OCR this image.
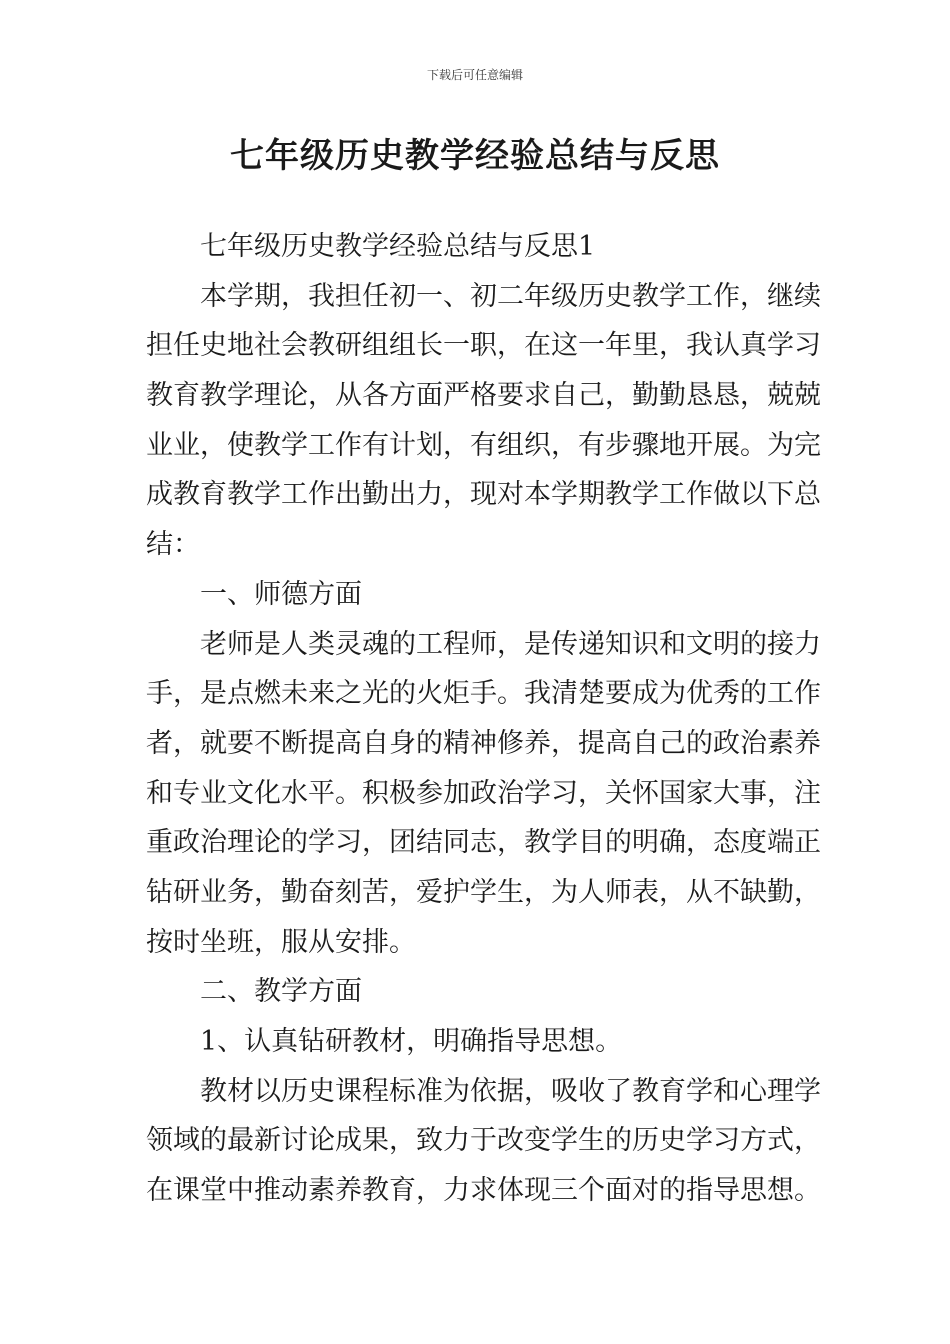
下载后可任意编辑
七年级历史教学经验总结与反思
七年级历史教学经验总结与反思1
本学期，我担任初一、初二年级历史教学工作，继续
担任史地社会教研组组长一职，在这一年里，我认真学习
教育教学理论，从各方面严格要求自己，勤勤恳恳，兢兢
业业，使教学工作有计划，有组织，有步骤地开展。为完
成教育教学工作出勤出力，现对本学期教学工作做以下总
结：
一、师德方面
老师是人类灵魂的工程师，是传递知识和文明的接力
手，是点燃未来之光的火炬手。我清楚要成为优秀的工作
者，就要不断提高自身的精神修养，提高自己的政治素养
和专业文化水平。积极参加政治学习，关怀国家大事，注
重政治理论的学习，团结同志，教学目的明确，态度端正
钻研业务，勤奋刻苦，爱护学生，为人师表，从不缺勤，
按时坐班，服从安排。
二、教学方面
1、认真钻研教材，明确指导思想。
教材以历史课程标准为依据，吸收了教育学和心理学
领域的最新讨论成果，致力于改变学生的历史学习方式，
在课堂中推动素养教育，力求体现三个面对的指导思想。
